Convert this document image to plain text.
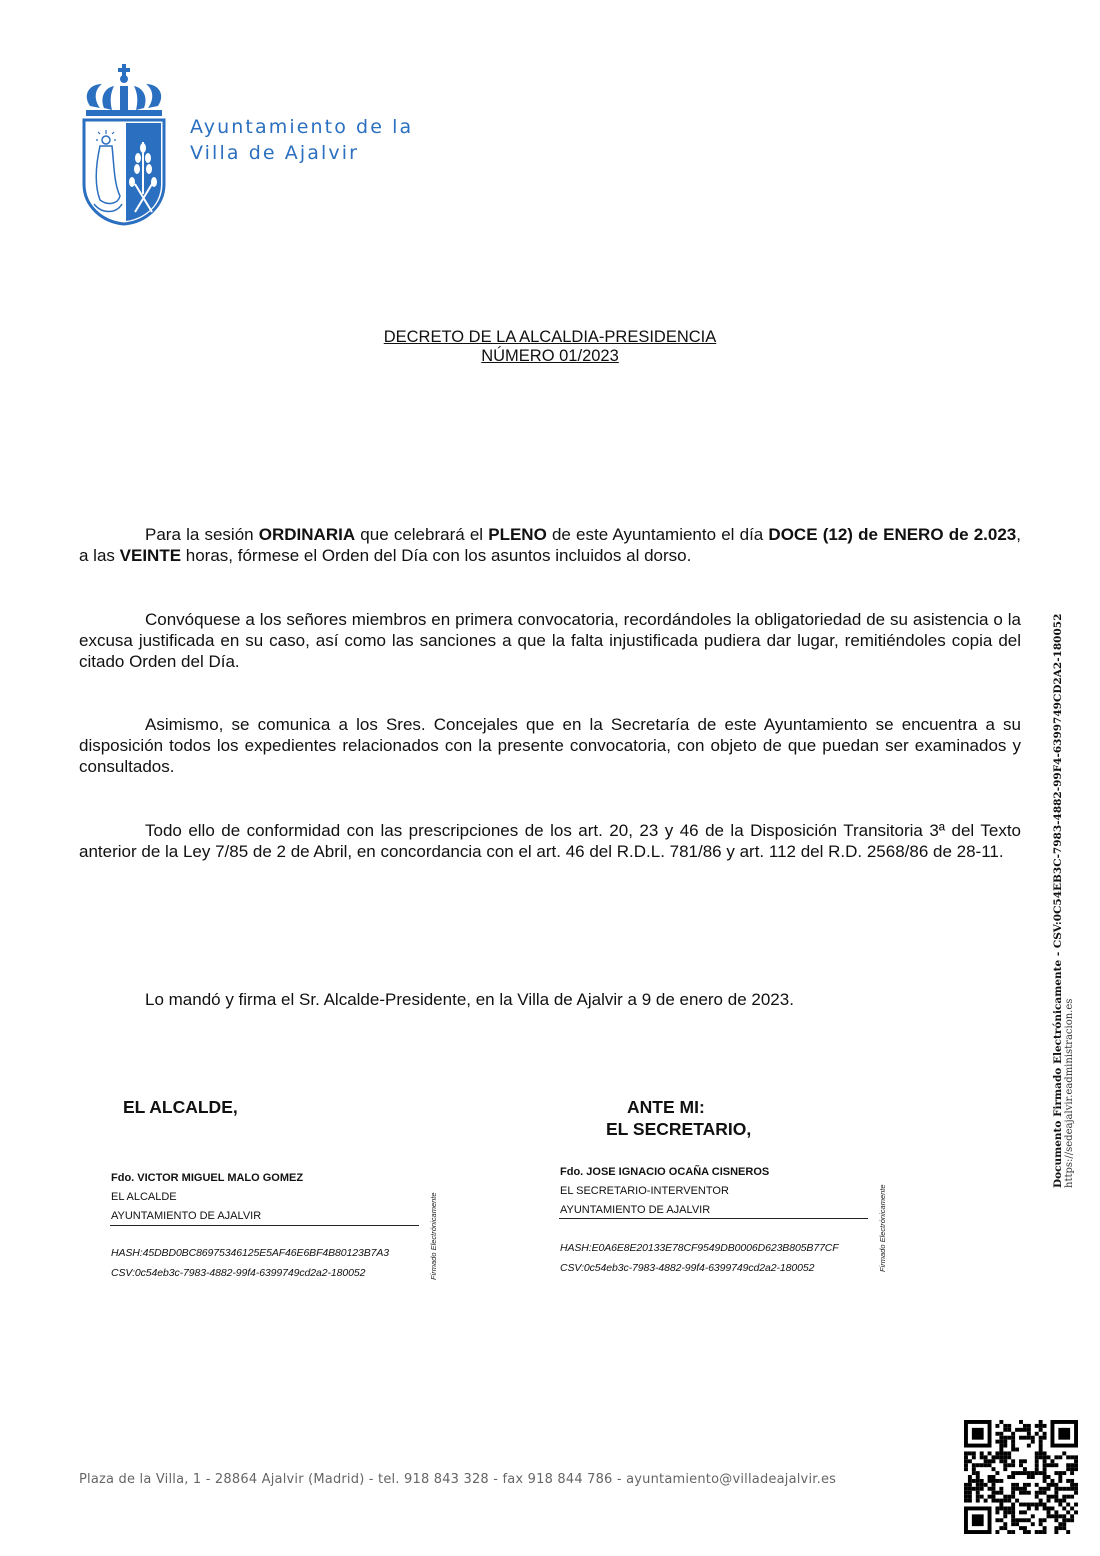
Ayuntamiento de la
Villa de Ajalvir
DECRETO DE LA ALCALDIA-PRESIDENCIA
NÚMERO 01/2023
Para la sesión ORDINARIA que celebrará el PLENO de este Ayuntamiento el día DOCE (12) de ENERO de 2.023, a las VEINTE horas, fórmese el Orden del Día con los asuntos incluidos al dorso.
Convóquese a los señores miembros en primera convocatoria, recordándoles la obligatoriedad de su asistencia o la excusa justificada en su caso, así como las sanciones a que la falta injustificada pudiera dar lugar, remitiéndoles copia del citado Orden del Día.
Asimismo, se comunica a los Sres. Concejales que en la Secretaría de este Ayuntamiento se encuentra a su disposición todos los expedientes relacionados con la presente convocatoria, con objeto de que puedan ser examinados y consultados.
Todo ello de conformidad con las prescripciones de los art. 20, 23 y 46 de la Disposición Transitoria 3ª del Texto anterior de la Ley 7/85 de 2 de Abril, en concordancia con el art. 46 del R.D.L. 781/86 y art. 112 del R.D. 2568/86 de 28-11.
Lo mandó y firma el Sr. Alcalde-Presidente, en la Villa de Ajalvir a 9 de enero de 2023.
EL ALCALDE,
Fdo. VICTOR MIGUEL MALO GOMEZ
EL ALCALDE
AYUNTAMIENTO DE AJALVIR
HASH:45DBD0BC86975346125E5AF46E6BF4B80123B7A3
CSV:0c54eb3c-7983-4882-99f4-6399749cd2a2-180052	Firmado Electrónicamente
ANTE MI:
EL SECRETARIO,
Fdo. JOSE IGNACIO OCAÑA CISNEROS
EL SECRETARIO-INTERVENTOR
AYUNTAMIENTO DE AJALVIR
HASH:E0A6E8E20133E78CF9549DB0006D623B805B77CF
CSV:0c54eb3c-7983-4882-99f4-6399749cd2a2-180052	Firmado Electrónicamente
Documento Firmado Electrónicamente - CSV:0C54EB3C-7983-4882-99F4-6399749CD2A2-180052 https://sedeajalvir.eadministracion.es
Plaza de la Villa, 1 - 28864 Ajalvir (Madrid) - tel. 918 843 328 - fax 918 844 786 - ayuntamiento@villadeajalvir.es
